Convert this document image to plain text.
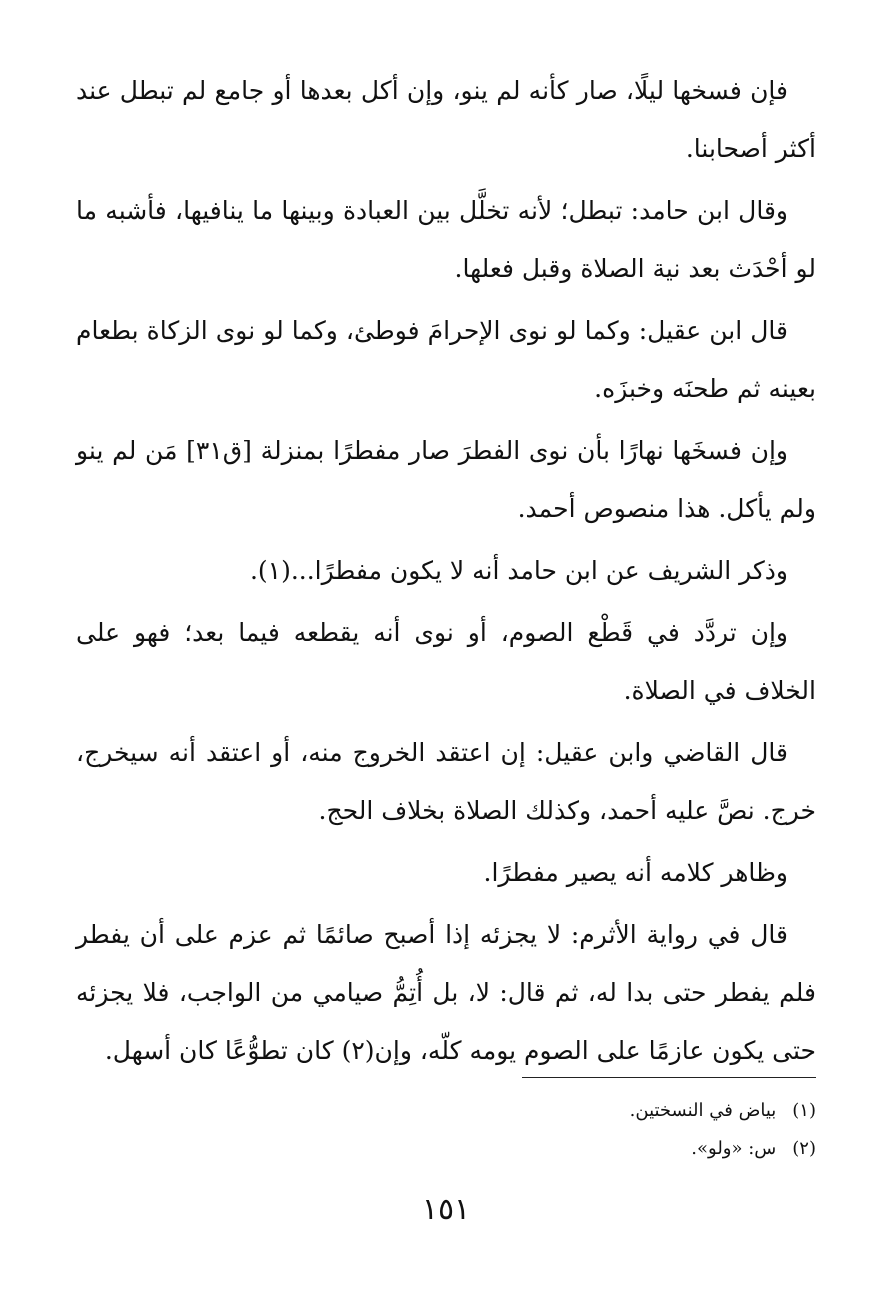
فإن فسخها ليلًا، صار كأنه لم ينو، وإن أكل بعدها أو جامع لم تبطل عند أكثر أصحابنا.

وقال ابن حامد: تبطل؛ لأنه تخلَّل بين العبادة وبينها ما ينافيها، فأشبه ما لو أحْدَث بعد نية الصلاة وقبل فعلها.

قال ابن عقيل: وكما لو نوى الإحرامَ فوطئ، وكما لو نوى الزكاة بطعام بعينه ثم طحنَه وخبزَه.

وإن فسخَها نهارًا بأن نوى الفطرَ صار مفطرًا بمنزلة [ق٣١] مَن لم ينو ولم يأكل. هذا منصوص أحمد.

وذكر الشريف عن ابن حامد أنه لا يكون مفطرًا...(١).

وإن تردَّد في قَطْع الصوم، أو نوى أنه يقطعه فيما بعد؛ فهو على الخلاف في الصلاة.

قال القاضي وابن عقيل: إن اعتقد الخروج منه، أو اعتقد أنه سيخرج، خرج. نصَّ عليه أحمد، وكذلك الصلاة بخلاف الحج.

وظاهر كلامه أنه يصير مفطرًا.

قال في رواية الأثرم: لا يجزئه إذا أصبح صائمًا ثم عزم على أن يفطر فلم يفطر حتى بدا له، ثم قال: لا، بل أُتِمُّ صيامي من الواجب، فلا يجزئه حتى يكون عازمًا على الصوم يومه كلّه، وإن(٢) كان تطوُّعًا كان أسهل.

(١) بياض في النسختين.
(٢) س: «ولو».
١٥١
